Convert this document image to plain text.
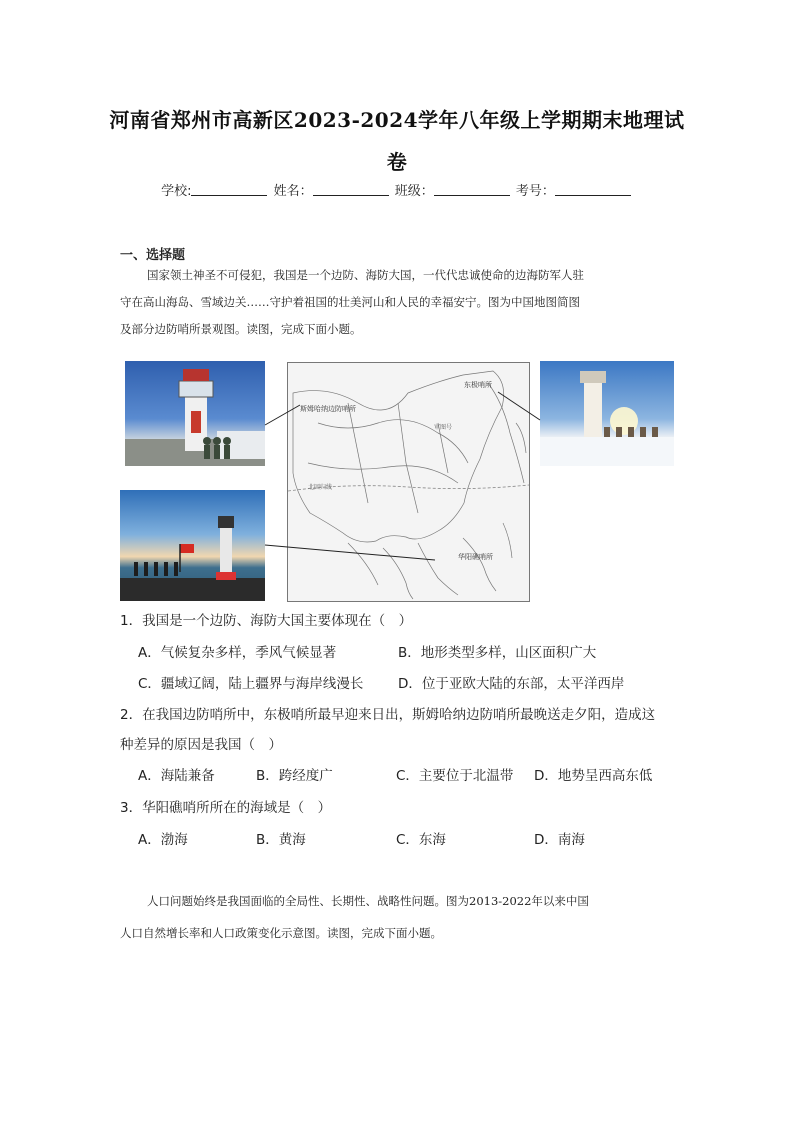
河南省郑州市高新区2023-2024学年八年级上学期期末地理试
卷
学校:	姓名：	班级：	考号：
一、选择题
国家领土神圣不可侵犯，我国是一个边防、海防大国，一代代忠诚使命的边海防军人驻
守在高山海岛、雪域边关……守护着祖国的壮美河山和人民的幸福安宁。图为中国地图简图
及部分边防哨所景观图。读图，完成下面小题。
斯姆哈纳边防哨所
东极哨所
华阳礁哨所
北回归线
审图号
1．我国是一个边防、海防大国主要体现在（　）
A．气候复杂多样，季风气候显著	B．地形类型多样，山区面积广大
C．疆域辽阔，陆上疆界与海岸线漫长	D．位于亚欧大陆的东部，太平洋西岸
2．在我国边防哨所中，东极哨所最早迎来日出，斯姆哈纳边防哨所最晚送走夕阳，造成这
种差异的原因是我国（　）
A．海陆兼备	B．跨经度广	C．主要位于北温带 D．地势呈西高东低
3．华阳礁哨所所在的海域是（　）
A．渤海	B．黄海	C．东海	D．南海
人口问题始终是我国面临的全局性、长期性、战略性问题。图为2013-2022年以来中国
人口自然增长率和人口政策变化示意图。读图，完成下面小题。
